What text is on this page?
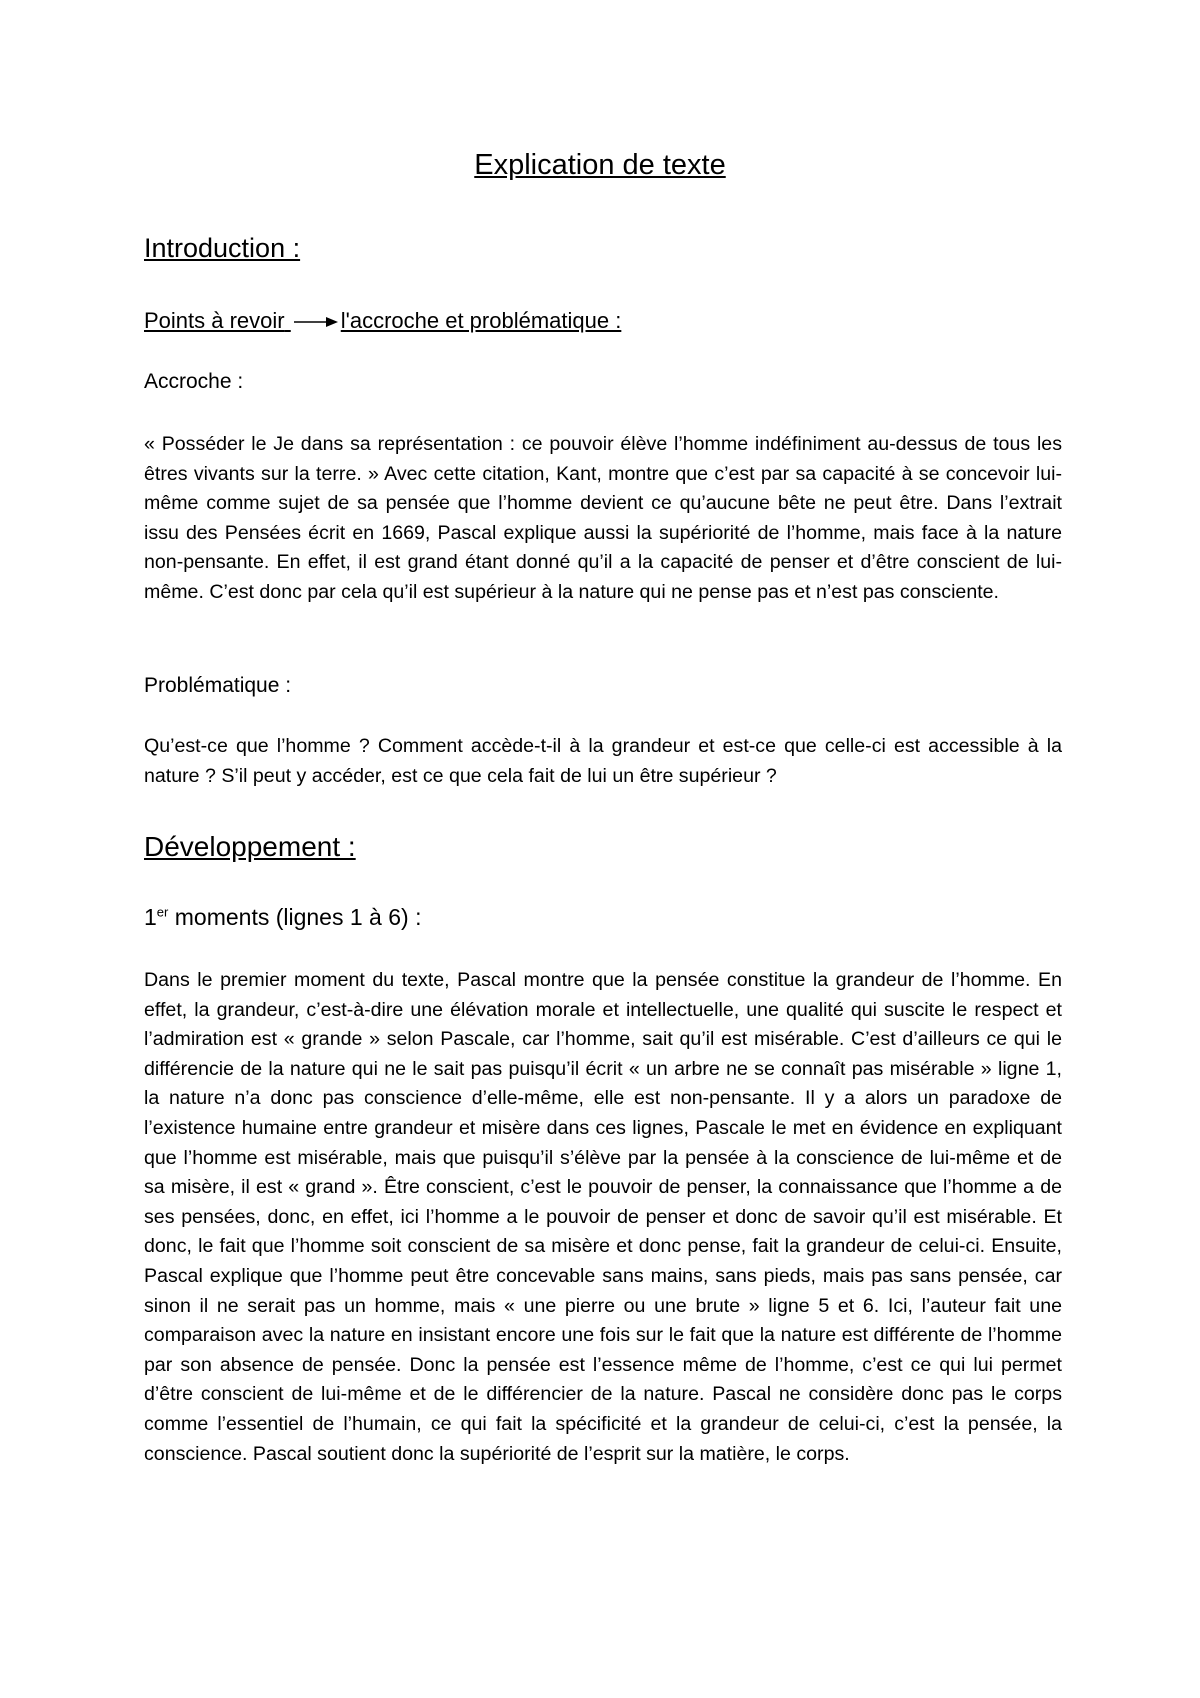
Explication de texte
Introduction :
Points à revoir	l'accroche et problématique :
Accroche :

« Posséder le Je dans sa représentation : ce pouvoir élève l’homme indéfiniment au-dessus de tous les êtres vivants sur la terre. » Avec cette citation, Kant, montre que c’est par sa capacité à se concevoir lui-même comme sujet de sa pensée que l’homme devient ce qu’aucune bête ne peut être. Dans l’extrait issu des Pensées écrit en 1669, Pascal explique aussi la supériorité de l’homme, mais face à la nature non-pensante. En effet, il est grand étant donné qu’il a la capacité de penser et d’être conscient de lui-même. C’est donc par cela qu’il est supérieur à la nature qui ne pense pas et n’est pas consciente.

Problématique :

Qu’est-ce que l’homme ? Comment accède-t-il à la grandeur et est-ce que celle-ci est accessible à la nature ? S’il peut y accéder, est ce que cela fait de lui un être supérieur ?

Développement :
1er moments (lignes 1 à 6) :

Dans le premier moment du texte, Pascal montre que la pensée constitue la grandeur de l’homme. En effet, la grandeur, c’est-à-dire une élévation morale et intellectuelle, une qualité qui suscite le respect et l’admiration est « grande » selon Pascale, car l’homme, sait qu’il est misérable. C’est d’ailleurs ce qui le différencie de la nature qui ne le sait pas puisqu’il écrit « un arbre ne se connaît pas misérable » ligne 1, la nature n’a donc pas conscience d’elle-même, elle est non-pensante. Il y a alors un paradoxe de l’existence humaine entre grandeur et misère dans ces lignes, Pascale le met en évidence en expliquant que l’homme est misérable, mais que puisqu’il s’élève par la pensée à la conscience de lui-même et de sa misère, il est « grand ». Être conscient, c’est le pouvoir de penser, la connaissance que l’homme a de ses pensées, donc, en effet, ici l’homme a le pouvoir de penser et donc de savoir qu’il est misérable. Et donc, le fait que l’homme soit conscient de sa misère et donc pense, fait la grandeur de celui-ci. Ensuite, Pascal explique que l’homme peut être concevable sans mains, sans pieds, mais pas sans pensée, car sinon il ne serait pas un homme, mais « une pierre ou une brute » ligne 5 et 6. Ici, l’auteur fait une comparaison avec la nature en insistant encore une fois sur le fait que la nature est différente de l’homme par son absence de pensée. Donc la pensée est l’essence même de l’homme, c’est ce qui lui permet d’être conscient de lui-même et de le différencier de la nature. Pascal ne considère donc pas le corps comme l’essentiel de l’humain, ce qui fait la spécificité et la grandeur de celui-ci, c’est la pensée, la conscience. Pascal soutient donc la supériorité de l’esprit sur la matière, le corps.
